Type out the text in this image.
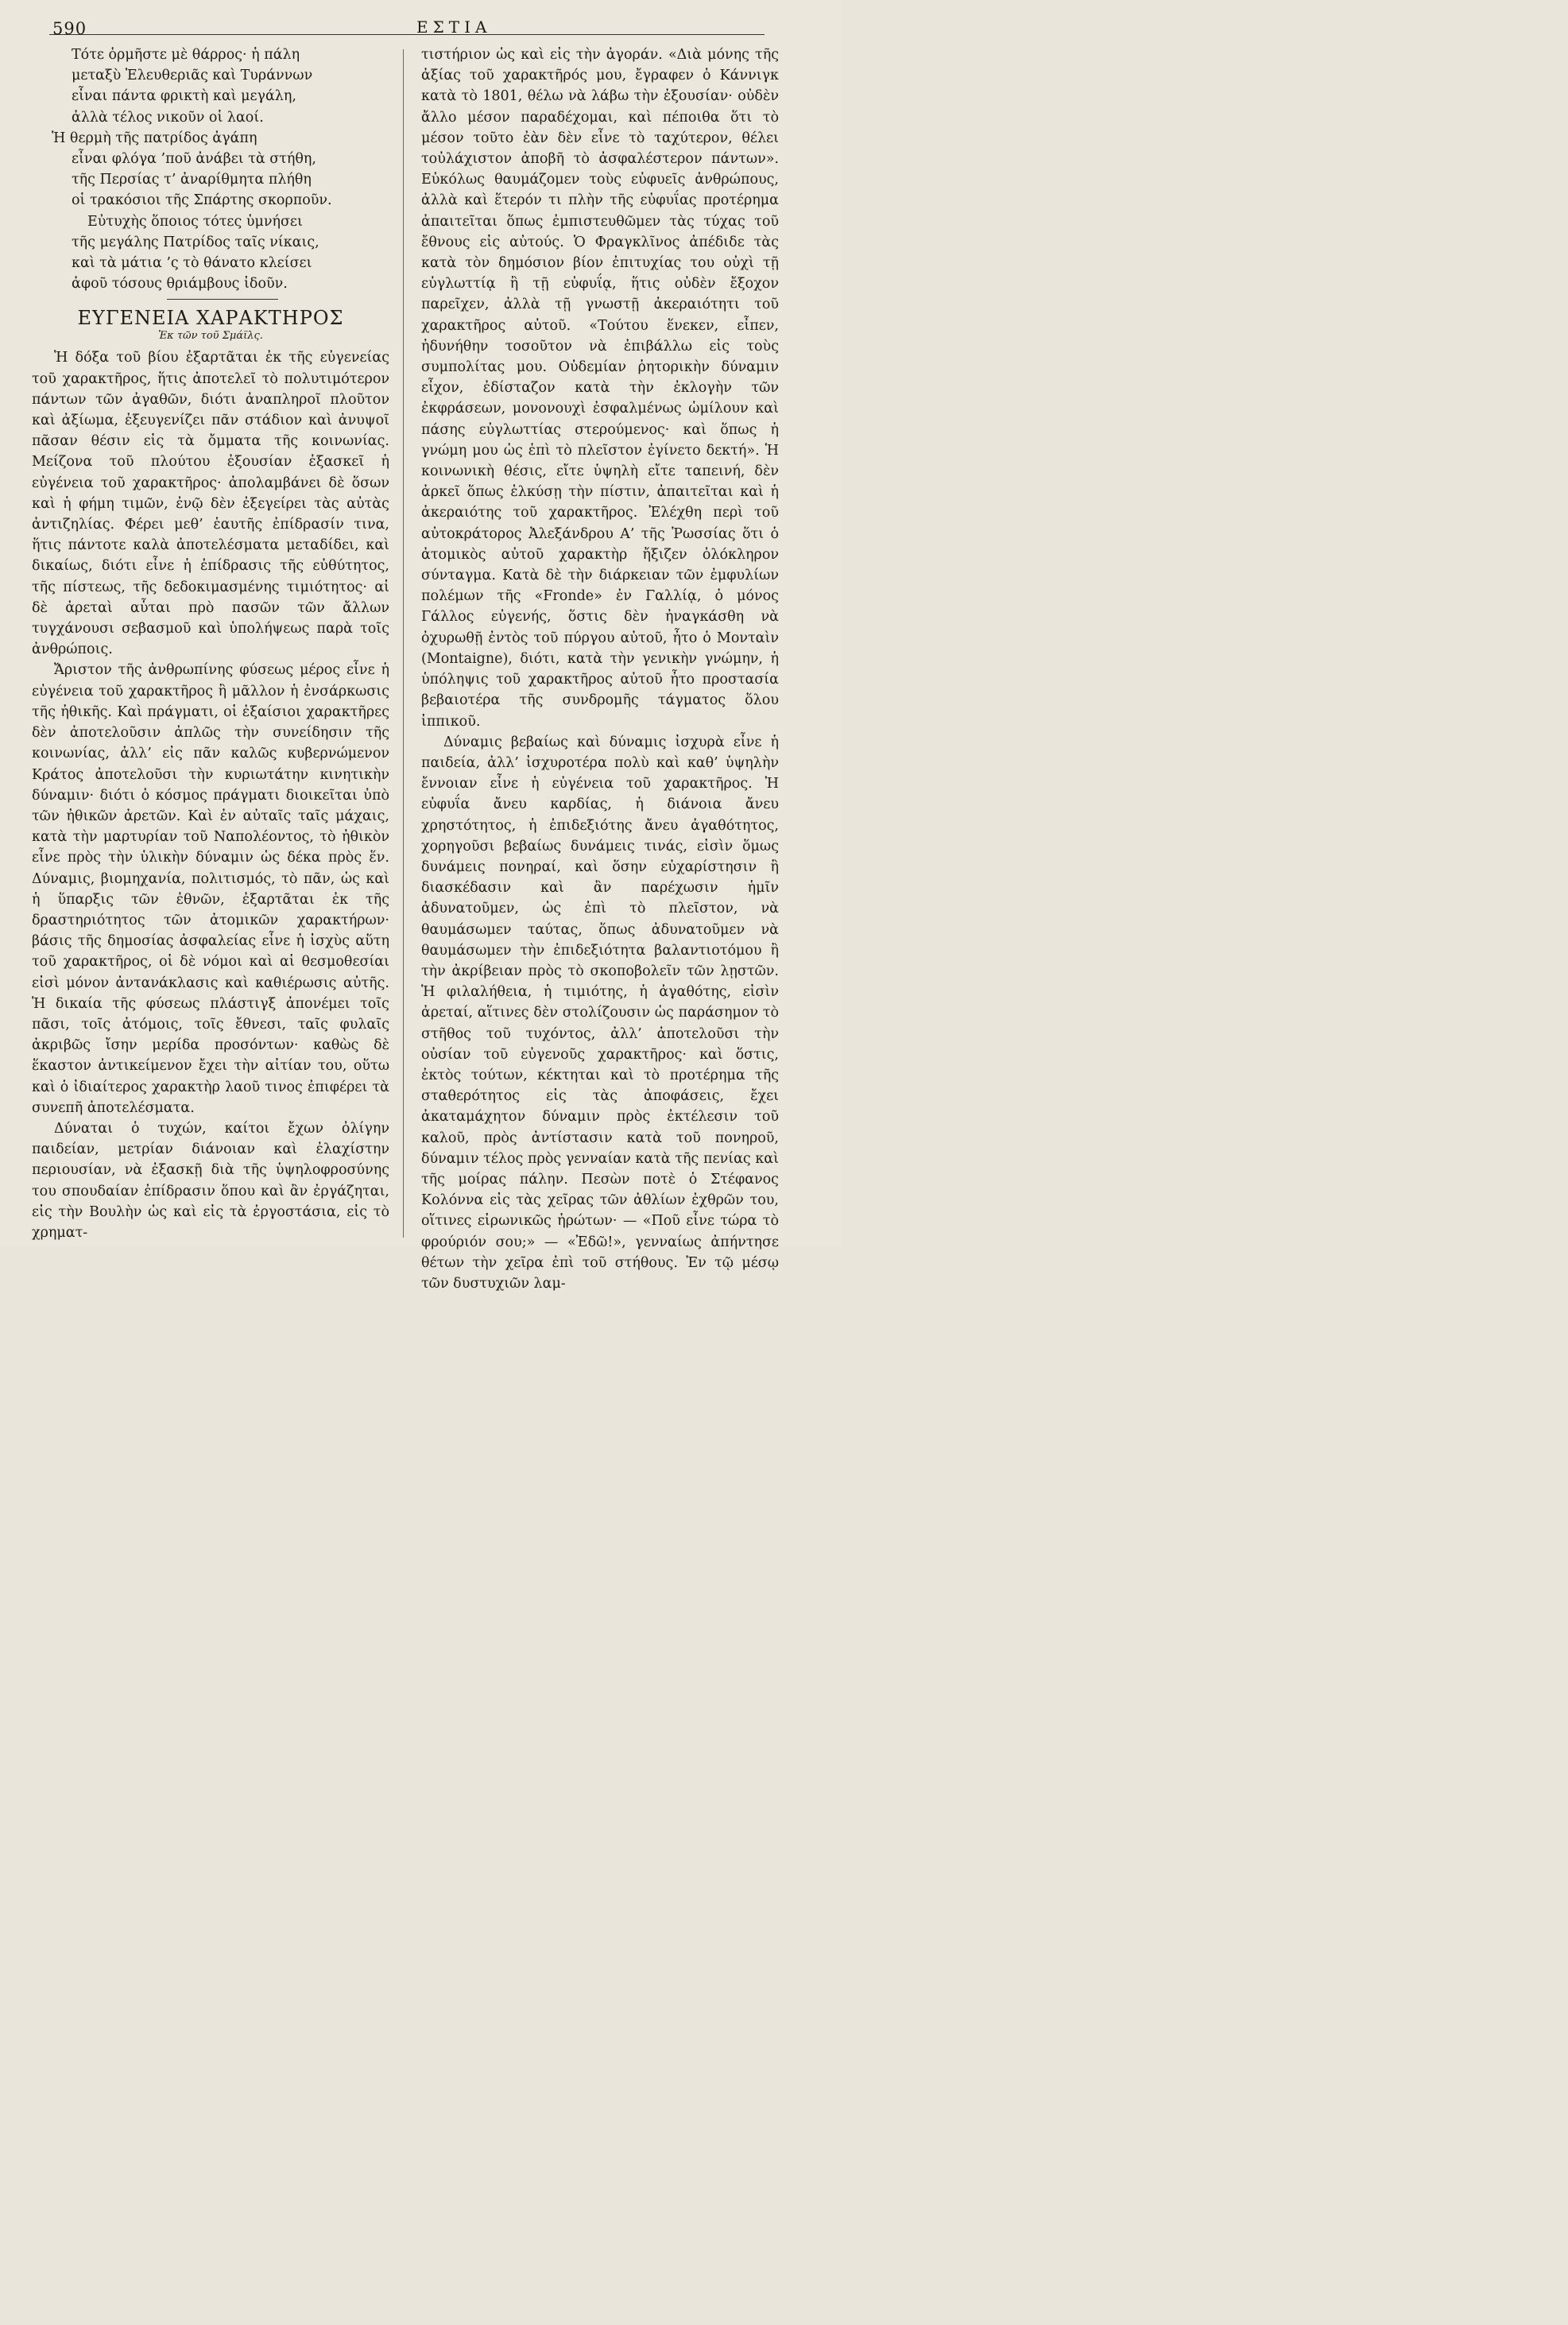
590	ΕΣΤΙΑ
Τότε ὁρμῆστε μὲ θάρρος· ἡ πάλη
μεταξὺ Ἐλευθεριᾶς καὶ Τυράννων
εἶναι πάντα φρικτὴ καὶ μεγάλη,
ἀλλὰ τέλος νικοῦν οἱ λαοί.
Ἡ θερμὴ τῆς πατρίδος ἀγάπη
εἶναι φλόγα ’ποῦ ἀνάβει τὰ στήθη,
τῆς Περσίας τ’ ἀναρίθμητα πλήθη
οἱ τρακόσιοι τῆς Σπάρτης σκορποῦν.
Εὐτυχὴς ὅποιος τότες ὑμνήσει
τῆς μεγάλης Πατρίδος ταῖς νίκαις,
καὶ τὰ μάτια ’ς τὸ θάνατο κλείσει
ἀφοῦ τόσους θριάμβους ἰδοῦν.
ΕΥΓΕΝΕΙΑ ΧΑΡΑΚΤΗΡΟΣ
Ἐκ τῶν τοῦ Σμάϊλς.

Ἡ δόξα τοῦ βίου ἐξαρτᾶται ἐκ τῆς εὐγενείας τοῦ χαρακτῆρος, ἥτις ἀποτελεῖ τὸ πολυτιμότερον πάντων τῶν ἀγαθῶν, διότι ἀναπληροῖ πλοῦτον καὶ ἀξίωμα, ἐξευγενίζει πᾶν στάδιον καὶ ἀνυψοῖ πᾶσαν θέσιν εἰς τὰ ὄμματα τῆς κοινωνίας. Μείζονα τοῦ πλούτου ἐξουσίαν ἐξασκεῖ ἡ εὐγένεια τοῦ χαρακτῆρος· ἀπολαμβάνει δὲ ὅσων καὶ ἡ φήμη τιμῶν, ἐνῷ δὲν ἐξεγείρει τὰς αὐτὰς ἀντιζηλίας. Φέρει μεθ’ ἑαυτῆς ἐπίδρασίν τινα, ἥτις πάντοτε καλὰ ἀποτελέσματα μεταδίδει, καὶ δικαίως, διότι εἶνε ἡ ἐπίδρασις τῆς εὐθύτητος, τῆς πίστεως, τῆς δεδοκιμασμένης τιμιότητος· αἱ δὲ ἀρεταὶ αὗται πρὸ πασῶν τῶν ἄλλων τυγχάνουσι σεβασμοῦ καὶ ὑπολήψεως παρὰ τοῖς ἀνθρώποις.

Ἄριστον τῆς ἀνθρωπίνης φύσεως μέρος εἶνε ἡ εὐγένεια τοῦ χαρακτῆρος ἢ μᾶλλον ἡ ἐνσάρκωσις τῆς ἠθικῆς. Καὶ πράγματι, οἱ ἐξαίσιοι χαρακτῆρες δὲν ἀποτελοῦσιν ἁπλῶς τὴν συνείδησιν τῆς κοινωνίας, ἀλλ’ εἰς πᾶν καλῶς κυβερνώμενον Κράτος ἀποτελοῦσι τὴν κυριωτάτην κινητικὴν δύναμιν· διότι ὁ κόσμος πράγματι διοικεῖται ὑπὸ τῶν ἠθικῶν ἀρετῶν. Καὶ ἐν αὐταῖς ταῖς μάχαις, κατὰ τὴν μαρτυρίαν τοῦ Ναπολέοντος, τὸ ἠθικὸν εἶνε πρὸς τὴν ὑλικὴν δύναμιν ὡς δέκα πρὸς ἕν. Δύναμις, βιομηχανία, πολιτισμός, τὸ πᾶν, ὡς καὶ ἡ ὕπαρξις τῶν ἐθνῶν, ἐξαρτᾶται ἐκ τῆς δραστηριότητος τῶν ἀτομικῶν χαρακτήρων· βάσις τῆς δημοσίας ἀσφαλείας εἶνε ἡ ἰσχὺς αὕτη τοῦ χαρακτῆρος, οἱ δὲ νόμοι καὶ αἱ θεσμοθεσίαι εἰσὶ μόνον ἀντανάκλασις καὶ καθιέρωσις αὐτῆς. Ἡ δικαία τῆς φύσεως πλάστιγξ ἀπονέμει τοῖς πᾶσι, τοῖς ἀτόμοις, τοῖς ἔθνεσι, ταῖς φυλαῖς ἀκριβῶς ἴσην μερίδα προσόντων· καθὼς δὲ ἕκαστον ἀντικείμενον ἔχει τὴν αἰτίαν του, οὕτω καὶ ὁ ἰδιαίτερος χαρακτὴρ λαοῦ τινος ἐπιφέρει τὰ συνεπῆ ἀποτελέσματα.

Δύναται ὁ τυχών, καίτοι ἔχων ὀλίγην παιδείαν, μετρίαν διάνοιαν καὶ ἐλαχίστην περιουσίαν, νὰ ἐξασκῇ διὰ τῆς ὑψηλοφροσύνης του σπουδαίαν ἐπίδρασιν ὅπου καὶ ἂν ἐργάζηται, εἰς τὴν Βουλὴν ὡς καὶ εἰς τὰ ἐργοστάσια, εἰς τὸ χρηματ-

τιστήριον ὡς καὶ εἰς τὴν ἀγοράν. «Διὰ μόνης τῆς ἀξίας τοῦ χαρακτῆρός μου, ἔγραφεν ὁ Κάννιγκ κατὰ τὸ 1801, θέλω νὰ λάβω τὴν ἐξουσίαν· οὐδὲν ἄλλο μέσον παραδέχομαι, καὶ πέποιθα ὅτι τὸ μέσον τοῦτο ἐὰν δὲν εἶνε τὸ ταχύτερον, θέλει τοὐλάχιστον ἀποβῆ τὸ ἀσφαλέστερον πάντων». Εὐκόλως θαυμάζομεν τοὺς εὐφυεῖς ἀνθρώπους, ἀλλὰ καὶ ἕτερόν τι πλὴν τῆς εὐφυΐας προτέρημα ἀπαιτεῖται ὅπως ἐμπιστευθῶμεν τὰς τύχας τοῦ ἔθνους εἰς αὐτούς. Ὁ Φραγκλῖνος ἀπέδιδε τὰς κατὰ τὸν δημόσιον βίον ἐπιτυχίας του οὐχὶ τῇ εὐγλωττίᾳ ἢ τῇ εὐφυΐᾳ, ἥτις οὐδὲν ἔξοχον παρεῖχεν, ἀλλὰ τῇ γνωστῇ ἀκεραιότητι τοῦ χαρακτῆρος αὐτοῦ. «Τούτου ἕνεκεν, εἶπεν, ἠδυνήθην τοσοῦτον νὰ ἐπιβάλλω εἰς τοὺς συμπολίτας μου. Οὐδεμίαν ῥητορικὴν δύναμιν εἶχον, ἐδίσταζον κατὰ τὴν ἐκλογὴν τῶν ἐκφράσεων, μονονουχὶ ἐσφαλμένως ὡμίλουν καὶ πάσης εὐγλωττίας στερούμενος· καὶ ὅπως ἡ γνώμη μου ὡς ἐπὶ τὸ πλεῖστον ἐγίνετο δεκτή». Ἡ κοινωνικὴ θέσις, εἴτε ὑψηλὴ εἴτε ταπεινή, δὲν ἀρκεῖ ὅπως ἑλκύσῃ τὴν πίστιν, ἀπαιτεῖται καὶ ἡ ἀκεραιότης τοῦ χαρακτῆρος. Ἐλέχθη περὶ τοῦ αὐτοκράτορος Ἀλεξάνδρου Α’ τῆς Ῥωσσίας ὅτι ὁ ἀτομικὸς αὐτοῦ χαρακτὴρ ἤξιζεν ὁλόκληρον σύνταγμα. Κατὰ δὲ τὴν διάρκειαν τῶν ἐμφυλίων πολέμων τῆς «Fronde» ἐν Γαλλίᾳ, ὁ μόνος Γάλλος εὐγενής, ὅστις δὲν ἠναγκάσθη νὰ ὀχυρωθῇ ἐντὸς τοῦ πύργου αὐτοῦ, ἦτο ὁ Μονταὶν (Montaigne), διότι, κατὰ τὴν γενικὴν γνώμην, ἡ ὑπόληψις τοῦ χαρακτῆρος αὐτοῦ ἦτο προστασία βεβαιοτέρα τῆς συνδρομῆς τάγματος ὅλου ἱππικοῦ.

Δύναμις βεβαίως καὶ δύναμις ἰσχυρὰ εἶνε ἡ παιδεία, ἀλλ’ ἰσχυροτέρα πολὺ καὶ καθ’ ὑψηλὴν ἔννοιαν εἶνε ἡ εὐγένεια τοῦ χαρακτῆρος. Ἡ εὐφυΐα ἄνευ καρδίας, ἡ διάνοια ἄνευ χρηστότητος, ἡ ἐπιδεξιότης ἄνευ ἀγαθότητος, χορηγοῦσι βεβαίως δυνάμεις τινάς, εἰσὶν ὅμως δυνάμεις πονηραί, καὶ ὅσην εὐχαρίστησιν ἢ διασκέδασιν καὶ ἂν παρέχωσιν ἡμῖν ἀδυνατοῦμεν, ὡς ἐπὶ τὸ πλεῖστον, νὰ θαυμάσωμεν ταύτας, ὅπως ἀδυνατοῦμεν νὰ θαυμάσωμεν τὴν ἐπιδεξιότητα βαλαντιοτόμου ἢ τὴν ἀκρίβειαν πρὸς τὸ σκοποβολεῖν τῶν λῃστῶν. Ἡ φιλαλήθεια, ἡ τιμιότης, ἡ ἀγαθότης, εἰσὶν ἀρεταί, αἵτινες δὲν στολίζουσιν ὡς παράσημον τὸ στῆθος τοῦ τυχόντος, ἀλλ’ ἀποτελοῦσι τὴν οὐσίαν τοῦ εὐγενοῦς χαρακτῆρος· καὶ ὅστις, ἐκτὸς τούτων, κέκτηται καὶ τὸ προτέρημα τῆς σταθερότητος εἰς τὰς ἀποφάσεις, ἔχει ἀκαταμάχητον δύναμιν πρὸς ἐκτέλεσιν τοῦ καλοῦ, πρὸς ἀντίστασιν κατὰ τοῦ πονηροῦ, δύναμιν τέλος πρὸς γενναίαν κατὰ τῆς πενίας καὶ τῆς μοίρας πάλην. Πεσὼν ποτὲ ὁ Στέφανος Κολόννα εἰς τὰς χεῖρας τῶν ἀθλίων ἐχθρῶν του, οἵτινες εἰρωνικῶς ἠρώτων· — «Ποῦ εἶνε τώρα τὸ φρούριόν σου;» — «Ἐδῶ!», γενναίως ἀπήντησε θέτων τὴν χεῖρα ἐπὶ τοῦ στήθους. Ἐν τῷ μέσῳ τῶν δυστυχιῶν λαμ-
